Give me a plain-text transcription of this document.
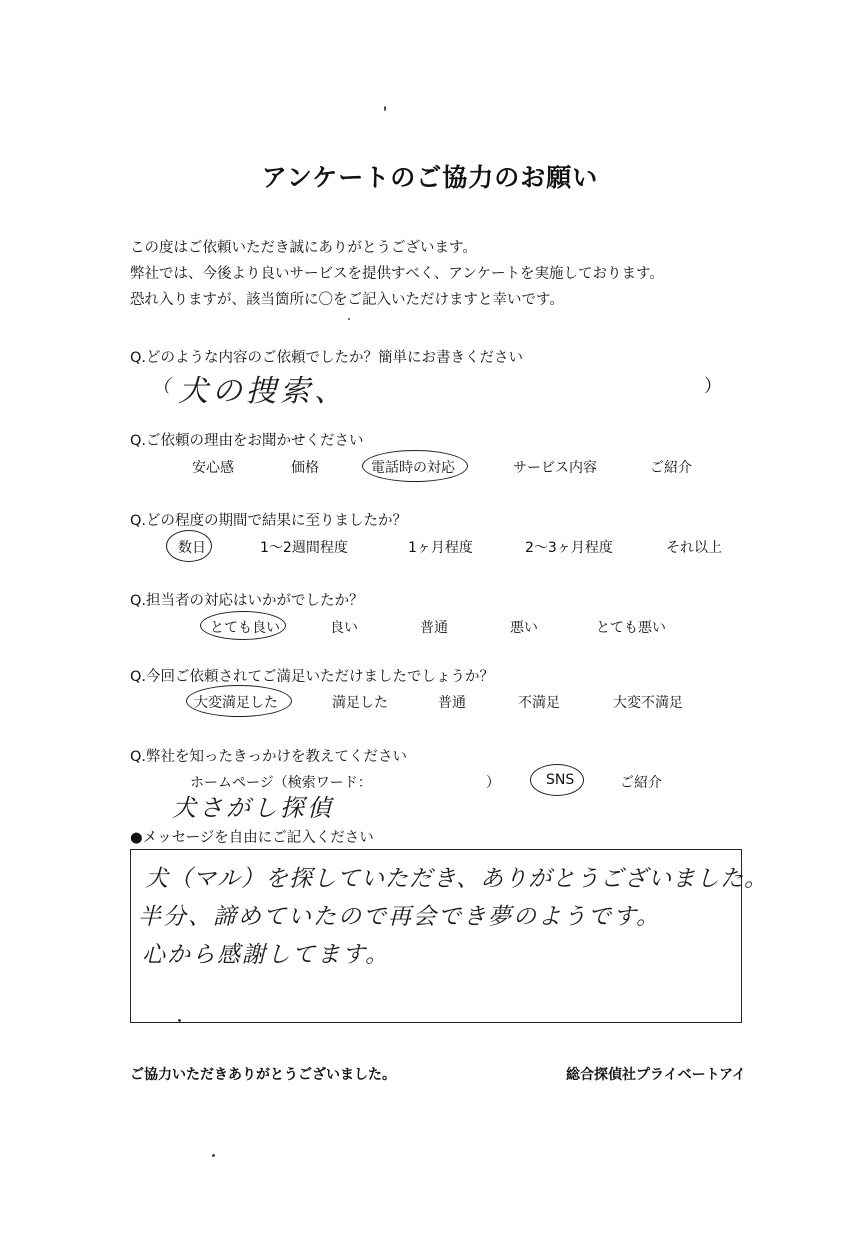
アンケートのご協力のお願い
この度はご依頼いただき誠にありがとうございます。
弊社では、今後より良いサービスを提供すべく、アンケートを実施しております。
恐れ入りますが、該当箇所に〇をご記入いただけますと幸いです。
Q.どのような内容のご依頼でしたか？簡単にお書きください
（ 犬の捜索、	）
Q.ご依頼の理由をお聞かせください
安心感	価格	電話時の対応	サービス内容	ご紹介
Q.どの程度の期間で結果に至りましたか？
数日	1～2週間程度	1ヶ月程度	2～3ヶ月程度	それ以上
Q.担当者の対応はいかがでしたか？
とても良い	良い	普通	悪い	とても悪い
Q.今回ご依頼されてご満足いただけましたでしょうか？
大変満足した	満足した	普通	不満足	大変不満足
Q.弊社を知ったきっかけを教えてください
ホームページ（検索ワード：	）	SNS	ご紹介
犬さがし探偵
●メッセージを自由にご記入ください
犬（マル）を探していただき、ありがとうございました。
半分、諦めていたので再会でき夢のようです。
心から感謝してます。
ご協力いただきありがとうございました。	総合探偵社プライベートアイ
